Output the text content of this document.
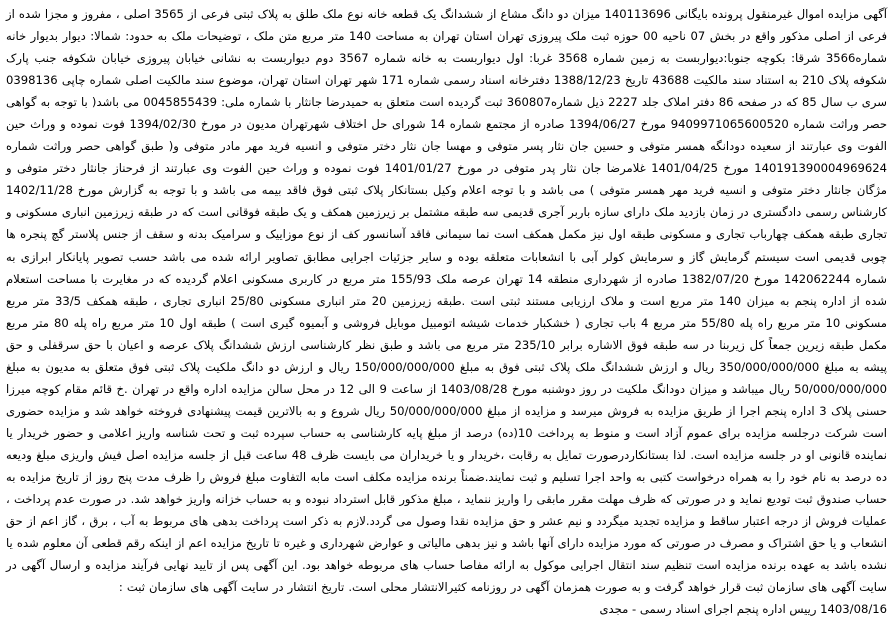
آگهی مزایده اموال غیرمنقول پرونده بایگانی 140113696 میزان دو دانگ مشاع از ششدانگ یک قطعه خانه نوع ملک طلق به پلاک ثبتی فرعی از 3565 اصلی ، مفروز و مجزا شده از فرعی از اصلی مذکور واقع در بخش 07 ناحیه 00 حوزه ثبت ملک پیروزی تهران استان تهران به مساحت 140 متر مربع متن ملک ، توضیحات ملک به حدود: شمالا: دیوار بدیوار خانه شماره3566 شرقا: بکوچه جنوبا:دیواربست به زمین شماره 3568 غربا: اول دیواربست به خانه شماره 3567 دوم دیواربست به نشانی خیابان پیروزی خیابان شکوفه جنب پارک شکوفه پلاک 210 به استناد سند مالکیت 43688 تاریخ 1388/12/23 دفترخانه اسناد رسمی شماره 171 شهر تهران استان تهران، موضوع سند مالکیت اصلی شماره چاپی 0398136 سری ب سال 85 که در صفحه 86 دفتر املاک جلد 2227 ذیل شماره360807 ثبت گردیده است متعلق به حمیدرضا جانثار با شماره ملی: 0045855439 می باشد( با توجه به گواهی حصر وراثت شماره 9409971065600520 مورخ 1394/06/27 صادره از مجتمع شماره 14 شورای حل اختلاف شهرتهران مدیون در مورخ 1394/02/30 فوت نموده و وراث حین الفوت وی عبارتند از سعیده دودانگه همسر متوفی و حسین جان نثار پسر متوفی و مهسا جان نثار دختر متوفی و انسیه فرید مهر مادر متوفی و( طبق گواهی حصر وراثت شماره 140191390004969624 مورخ 1401/04/25 غلامرضا جان نثار پدر متوفی در مورخ 1401/01/27 فوت نموده و وراث حین الفوت وی عبارتند از فرحناز جانثار دختر متوفی و مژگان جانثار دختر متوفی و انسیه فرید مهر همسر متوفی ) می باشد و با توجه اعلام وکیل بستانکار پلاک ثبتی فوق فاقد بیمه می باشد و با توجه به گزارش مورخ 1402/11/28 کارشناس رسمی دادگستری در زمان بازدید ملک دارای سازه باربر آجری قدیمی سه طبقه مشتمل بر زیرزمین همکف و یک طبقه فوقانی است که در طبقه زیرزمین انباری مسکونی و تجاری طبقه همکف چهارباب تجاری و مسکونی طبقه اول نیز مکمل همکف است نما سیمانی فاقد آسانسور کف از نوع موزاییک و سرامیک بدنه و سقف از جنس پلاستر گچ پنجره ها چوبی قدیمی است سیستم گرمایش گاز و سرمایش کولر آبی با انشعابات متعلقه بوده و سایر جزئیات اجرایی مطابق تصاویر ارائه شده می باشد حسب تصویر پایانکار ابرازی به شماره 142062244 مورخ 1382/07/20 صادره از شهرداری منطقه 14 تهران عرصه ملک 155/93 متر مربع در کاربری مسکونی اعلام گردیده که در مغایرت با مساحت استعلام شده از اداره پنجم به میزان 140 متر مربع است و ملاک ارزیابی مستند ثبتی است .طبقه زیرزمین 20 متر انباری مسکونی 25/80 انباری تجاری ، طبقه همکف 33/5 متر مربع مسکونی 10 متر مربع راه پله 55/80 متر مربع 4 باب تجاری ( خشکبار خدمات شیشه اتومبیل موبایل فروشی و آبمیوه گیری است ) طبقه اول 10 متر مربع راه پله 80 متر مربع مکمل طبقه زیرین جمعاً کل زیربنا در سه طبقه فوق الاشاره برابر 235/10 متر مربع می باشد و طبق نظر کارشناسی ارزش ششدانگ پلاک عرصه و اعیان با حق سرقفلی و حق پیشه به مبلغ 350/000/000/000 ریال و ارزش ششدانگ ملک پلاک ثبتی فوق به مبلغ 150/000/000/000 ریال و ارزش دو دانگ ملکیت پلاک ثبتی فوق متعلق به مدیون به مبلغ 50/000/000/000 ریال میباشد و میزان دودانگ ملکیت در روز دوشنبه مورخ 1403/08/28 از ساعت 9 الی 12 در محل سالن مزایده اداره واقع در تهران .خ قائم مقام کوچه میرزا حسنی پلاک 3 اداره پنجم اجرا از طریق مزایده به فروش میرسد و مزایده از مبلغ 50/000/000/000 ریال شروع و به بالاترین قیمت پیشنهادی فروخته خواهد شد و مزایده حضوری است شرکت درجلسه مزایده برای عموم آزاد است و منوط به پرداخت 10(ده) درصد از مبلغ پایه کارشناسی به حساب سپرده ثبت و تحت شناسه واریز اعلامی و حضور خریدار یا نماینده قانونی او در جلسه مزایده است. لذا بستانکاردرصورت تمایل به رقابت ،خریدار و یا خریداران می بایست ظرف 48 ساعت قبل از جلسه مزایده اصل فیش واریزی مبلغ ودیعه ده درصد به نام خود را به همراه درخواست کتبی به واحد اجرا تسلیم و ثبت نمایند.ضمناً برنده مزایده مکلف است مابه التفاوت مبلغ فروش را ظرف مدت پنج روز از تاریخ مزایده به حساب صندوق ثبت تودیع نماید و در صورتی که ظرف مهلت مقرر مابقی را واریز ننماید ، مبلغ مذکور قابل استرداد نبوده و به حساب خزانه واریز خواهد شد. در صورت عدم پرداخت ، عملیات فروش از درجه اعتبار ساقط و مزایده تجدید میگردد و نیم عشر و حق مزایده نقدا وصول می گردد.لازم به ذکر است پرداخت بدهی های مربوط به آب ، برق ، گاز اعم از حق انشعاب و یا حق اشتراک و مصرف در صورتی که مورد مزایده دارای آنها باشد و نیز بدهی مالیاتی و عوارض شهرداری و غیره تا تاریخ مزایده اعم از اینکه رقم قطعی آن معلوم شده یا نشده باشد به عهده برنده مزایده است تنظیم سند انتقال اجرایی موکول به ارائه مفاصا حساب های مربوطه خواهد بود. این آگهی پس از تایید نهایی فرآیند مزایده و ارسال آگهی در سایت آگهی های سازمان ثبت قرار خواهد گرفت و به صورت همزمان آگهی در روزنامه کثیرالانتشار محلی است. تاریخ انتشار در سایت آگهی های سازمان ثبت :

1403/08/16 رییس اداره پنجم اجرای اسناد رسمی - مجدی
